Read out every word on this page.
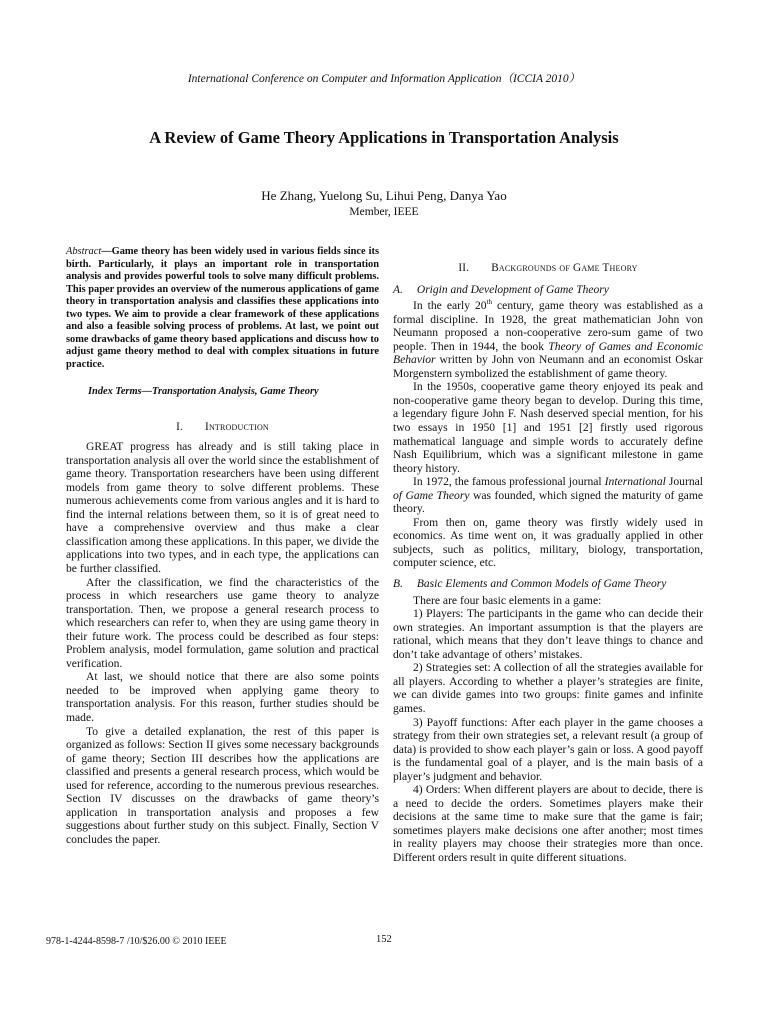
International Conference on Computer and Information Application（ICCIA 2010）
A Review of Game Theory Applications in Transportation Analysis
He Zhang, Yuelong Su, Lihui Peng, Danya Yao
Member, IEEE
Abstract—Game theory has been widely used in various fields since its birth. Particularly, it plays an important role in transportation analysis and provides powerful tools to solve many difficult problems. This paper provides an overview of the numerous applications of game theory in transportation analysis and classifies these applications into two types. We aim to provide a clear framework of these applications and also a feasible solving process of problems. At last, we point out some drawbacks of game theory based applications and discuss how to adjust game theory method to deal with complex situations in future practice.
Index Terms—Transportation Analysis, Game Theory
I. Introduction

GREAT progress has already and is still taking place in transportation analysis all over the world since the establishment of game theory. Transportation researchers have been using different models from game theory to solve different problems. These numerous achievements come from various angles and it is hard to find the internal relations between them, so it is of great need to have a comprehensive overview and thus make a clear classification among these applications. In this paper, we divide the applications into two types, and in each type, the applications can be further classified.

After the classification, we find the characteristics of the process in which researchers use game theory to analyze transportation. Then, we propose a general research process to which researchers can refer to, when they are using game theory in their future work. The process could be described as four steps: Problem analysis, model formulation, game solution and practical verification.

At last, we should notice that there are also some points needed to be improved when applying game theory to transportation analysis. For this reason, further studies should be made.

To give a detailed explanation, the rest of this paper is organized as follows: Section II gives some necessary backgrounds of game theory; Section III describes how the applications are classified and presents a general research process, which would be used for reference, according to the numerous previous researches. Section IV discusses on the drawbacks of game theory’s application in transportation analysis and proposes a few suggestions about further study on this subject. Finally, Section V concludes the paper.

II. Backgrounds of Game Theory
A. Origin and Development of Game Theory

In the early 20th century, game theory was established as a formal discipline. In 1928, the great mathematician John von Neumann proposed a non-cooperative zero-sum game of two people. Then in 1944, the book Theory of Games and Economic Behavior written by John von Neumann and an economist Oskar Morgenstern symbolized the establishment of game theory.

In the 1950s, cooperative game theory enjoyed its peak and non-cooperative game theory began to develop. During this time, a legendary figure John F. Nash deserved special mention, for his two essays in 1950 [1] and 1951 [2] firstly used rigorous mathematical language and simple words to accurately define Nash Equilibrium, which was a significant milestone in game theory history.

In 1972, the famous professional journal International Journal of Game Theory was founded, which signed the maturity of game theory.

From then on, game theory was firstly widely used in economics. As time went on, it was gradually applied in other subjects, such as politics, military, biology, transportation, computer science, etc.

B. Basic Elements and Common Models of Game Theory

There are four basic elements in a game:

1) Players: The participants in the game who can decide their own strategies. An important assumption is that the players are rational, which means that they don’t leave things to chance and don’t take advantage of others’ mistakes.

2) Strategies set: A collection of all the strategies available for all players. According to whether a player’s strategies are finite, we can divide games into two groups: finite games and infinite games.

3) Payoff functions: After each player in the game chooses a strategy from their own strategies set, a relevant result (a group of data) is provided to show each player’s gain or loss. A good payoff is the fundamental goal of a player, and is the main basis of a player’s judgment and behavior.

4) Orders: When different players are about to decide, there is a need to decide the orders. Sometimes players make their decisions at the same time to make sure that the game is fair; sometimes players make decisions one after another; most times in reality players may choose their strategies more than once. Different orders result in quite different situations.

978-1-4244-8598-7 /10/$26.00 © 2010 IEEE	152
